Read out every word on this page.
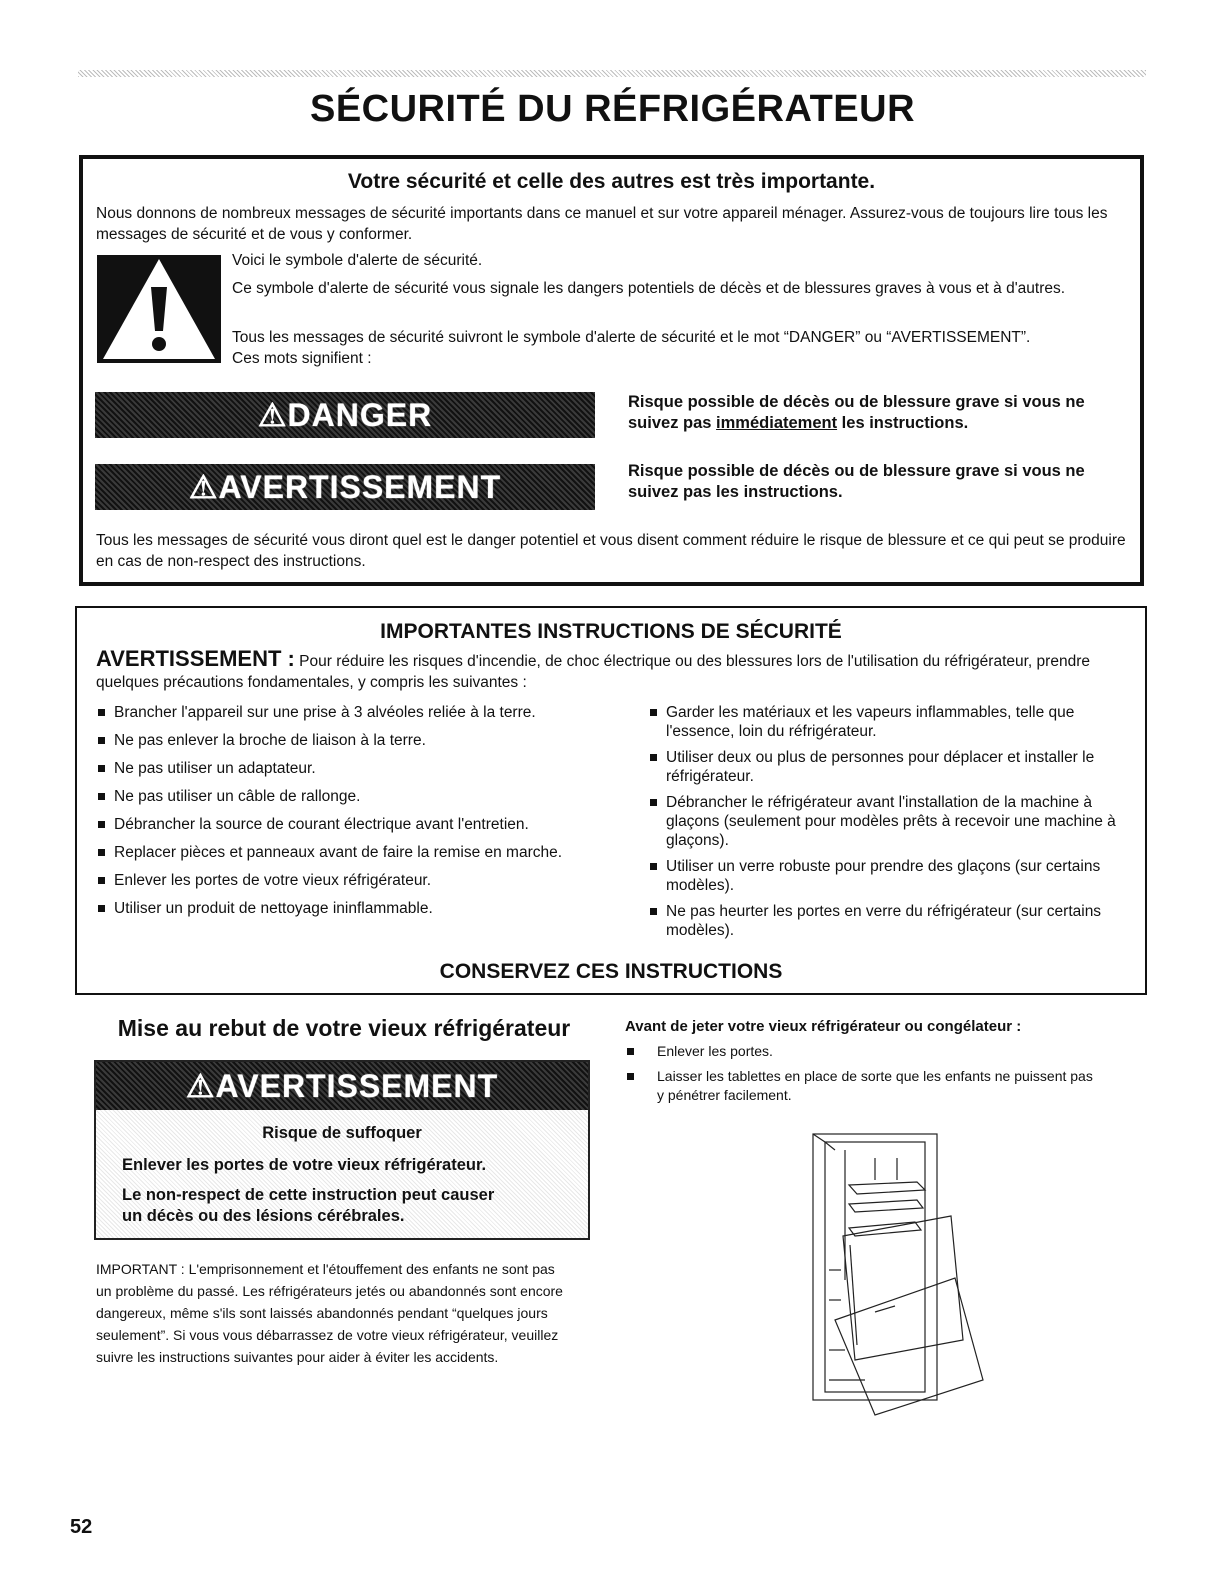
SÉCURITÉ DU RÉFRIGÉRATEUR
Votre sécurité et celle des autres est très importante.
Nous donnons de nombreux messages de sécurité importants dans ce manuel et sur votre appareil ménager. Assurez-vous de toujours lire tous les messages de sécurité et de vous y conformer.
Voici le symbole d'alerte de sécurité.
Ce symbole d'alerte de sécurité vous signale les dangers potentiels de décès et de blessures graves à vous et à d'autres.
Tous les messages de sécurité suivront le symbole d'alerte de sécurité et le mot “DANGER” ou “AVERTISSEMENT”. Ces mots signifient :
⚠DANGER	Risque possible de décès ou de blessure grave si vous ne suivez pas immédiatement les instructions.
⚠AVERTISSEMENT	Risque possible de décès ou de blessure grave si vous ne suivez pas les instructions.
Tous les messages de sécurité vous diront quel est le danger potentiel et vous disent comment réduire le risque de blessure et ce qui peut se produire en cas de non-respect des instructions.
IMPORTANTES INSTRUCTIONS DE SÉCURITÉ
AVERTISSEMENT : Pour réduire les risques d'incendie, de choc électrique ou des blessures lors de l'utilisation du réfrigérateur, prendre quelques précautions fondamentales, y compris les suivantes :
Brancher l'appareil sur une prise à 3 alvéoles reliée à la terre.
Ne pas enlever la broche de liaison à la terre.
Ne pas utiliser un adaptateur.
Ne pas utiliser un câble de rallonge.
Débrancher la source de courant électrique avant l'entretien.
Replacer pièces et panneaux avant de faire la remise en marche.
Enlever les portes de votre vieux réfrigérateur.
Utiliser un produit de nettoyage ininflammable.
Garder les matériaux et les vapeurs inflammables, telle que l'essence, loin du réfrigérateur.
Utiliser deux ou plus de personnes pour déplacer et installer le réfrigérateur.
Débrancher le réfrigérateur avant l'installation de la machine à glaçons (seulement pour modèles prêts à recevoir une machine à glaçons).
Utiliser un verre robuste pour prendre des glaçons (sur certains modèles).
Ne pas heurter les portes en verre du réfrigérateur (sur certains modèles).
CONSERVEZ CES INSTRUCTIONS
Mise au rebut de votre vieux réfrigérateur
⚠AVERTISSEMENT
Risque de suffoquer
Enlever les portes de votre vieux réfrigérateur.
Le non-respect de cette instruction peut causer
un décès ou des lésions cérébrales.
IMPORTANT : L'emprisonnement et l'étouffement des enfants ne sont pas un problème du passé. Les réfrigérateurs jetés ou abandonnés sont encore dangereux, même s'ils sont laissés abandonnés pendant “quelques jours seulement”. Si vous vous débarrassez de votre vieux réfrigérateur, veuillez suivre les instructions suivantes pour aider à éviter les accidents.
Avant de jeter votre vieux réfrigérateur ou congélateur :
Enlever les portes.
Laisser les tablettes en place de sorte que les enfants ne puissent pas y pénétrer facilement.
52
